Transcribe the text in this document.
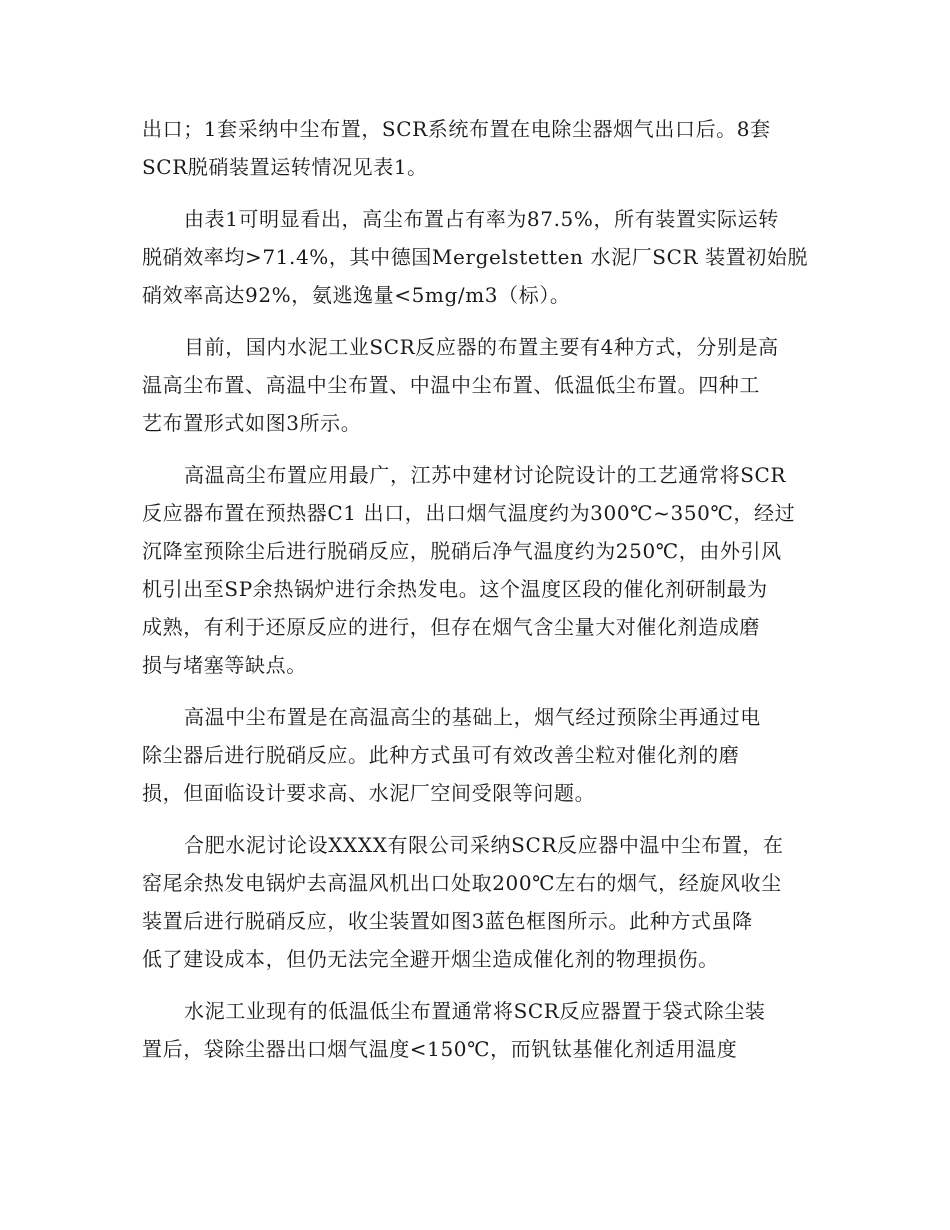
出口；1套采纳中尘布置，SCR系统布置在电除尘器烟气出口后。8套
SCR脱硝装置运转情况见表1。

由表1可明显看出，高尘布置占有率为87.5%，所有装置实际运转
脱硝效率均>71.4%，其中德国Mergelstetten 水泥厂SCR 装置初始脱
硝效率高达92%，氨逃逸量<5mg/m3（标）。

目前，国内水泥工业SCR反应器的布置主要有4种方式，分别是高
温高尘布置、高温中尘布置、中温中尘布置、低温低尘布置。四种工
艺布置形式如图3所示。

高温高尘布置应用最广，江苏中建材讨论院设计的工艺通常将SCR
反应器布置在预热器C1 出口，出口烟气温度约为300℃~350℃，经过
沉降室预除尘后进行脱硝反应，脱硝后净气温度约为250℃，由外引风
机引出至SP余热锅炉进行余热发电。这个温度区段的催化剂研制最为
成熟，有利于还原反应的进行，但存在烟气含尘量大对催化剂造成磨
损与堵塞等缺点。

高温中尘布置是在高温高尘的基础上，烟气经过预除尘再通过电
除尘器后进行脱硝反应。此种方式虽可有效改善尘粒对催化剂的磨
损，但面临设计要求高、水泥厂空间受限等问题。

合肥水泥讨论设XXXX有限公司采纳SCR反应器中温中尘布置，在
窑尾余热发电锅炉去高温风机出口处取200℃左右的烟气，经旋风收尘
装置后进行脱硝反应，收尘装置如图3蓝色框图所示。此种方式虽降
低了建设成本，但仍无法完全避开烟尘造成催化剂的物理损伤。

水泥工业现有的低温低尘布置通常将SCR反应器置于袋式除尘装
置后，袋除尘器出口烟气温度<150℃，而钒钛基催化剂适用温度
